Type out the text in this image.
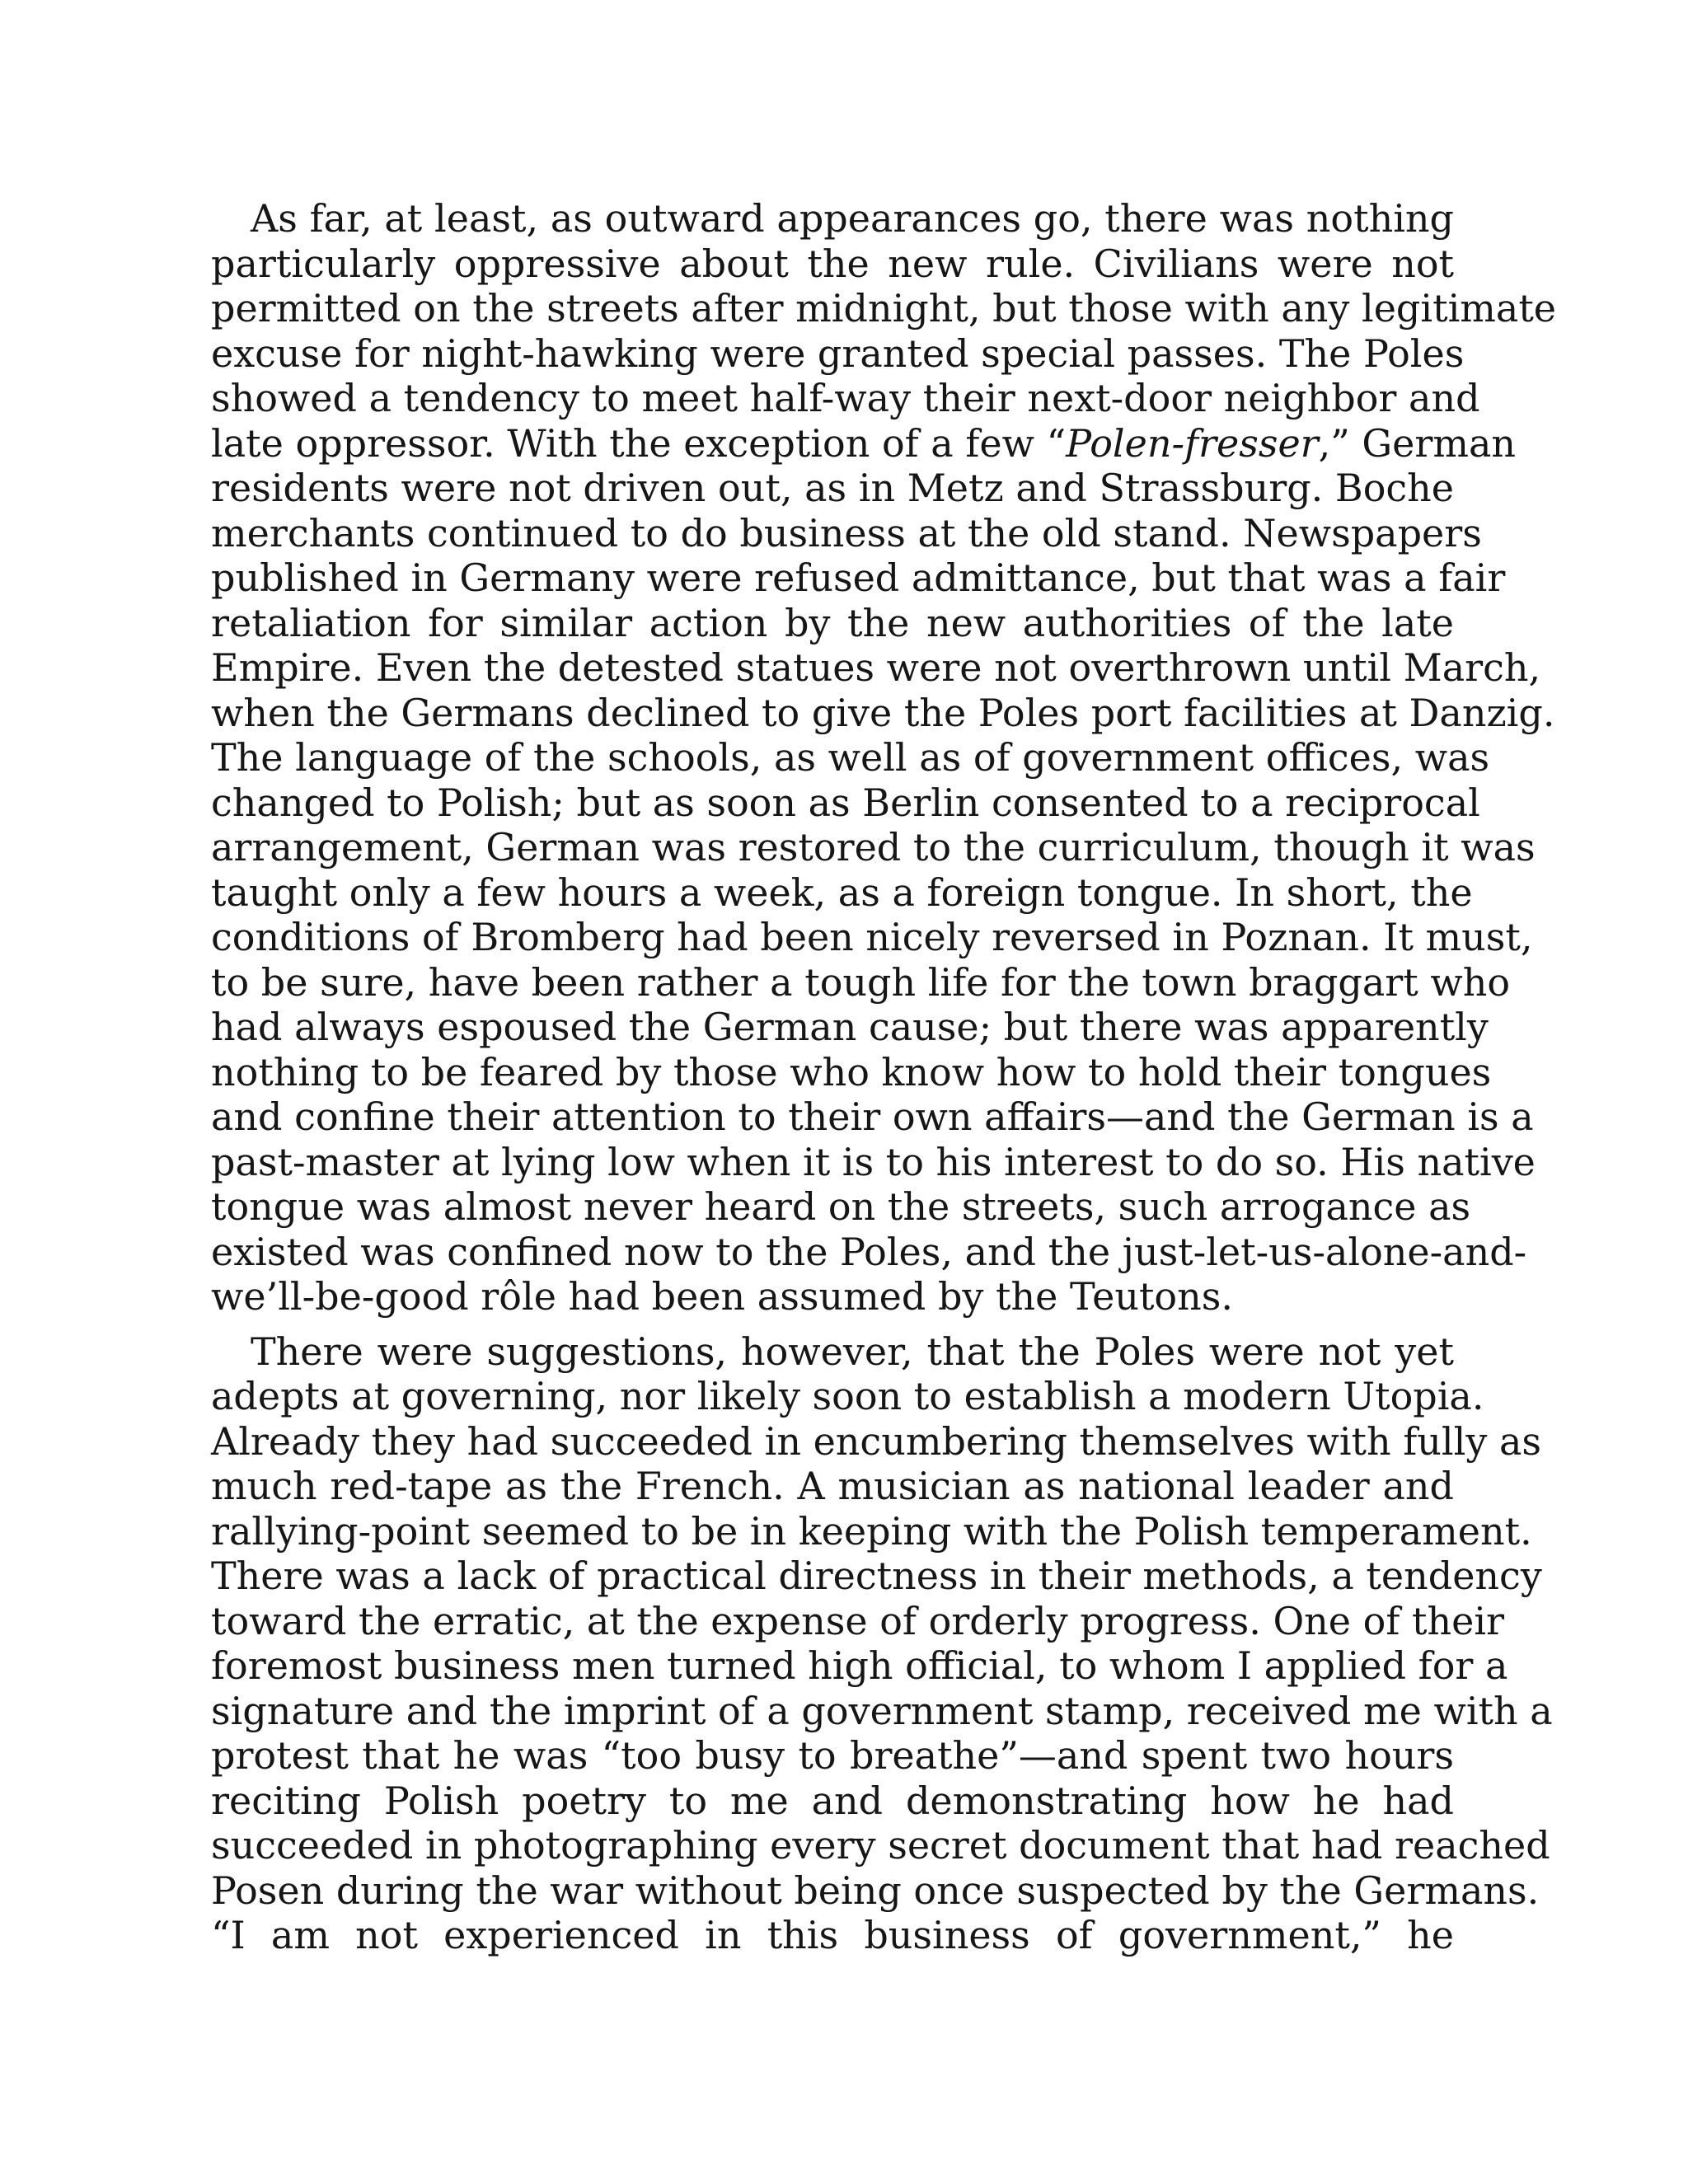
As far, at least, as outward appearances go, there was nothing
particularly oppressive about the new rule. Civilians were not
permitted on the streets after midnight, but those with any legitimate
excuse for night-hawking were granted special passes. The Poles
showed a tendency to meet half-way their next-door neighbor and
late oppressor. With the exception of a few “Polen-fresser,” German
residents were not driven out, as in Metz and Strassburg. Boche
merchants continued to do business at the old stand. Newspapers
published in Germany were refused admittance, but that was a fair
retaliation for similar action by the new authorities of the late
Empire. Even the detested statues were not overthrown until March,
when the Germans declined to give the Poles port facilities at Danzig.
The language of the schools, as well as of government offices, was
changed to Polish; but as soon as Berlin consented to a reciprocal
arrangement, German was restored to the curriculum, though it was
taught only a few hours a week, as a foreign tongue. In short, the
conditions of Bromberg had been nicely reversed in Poznan. It must,
to be sure, have been rather a tough life for the town braggart who
had always espoused the German cause; but there was apparently
nothing to be feared by those who know how to hold their tongues
and confine their attention to their own affairs—and the German is a
past-master at lying low when it is to his interest to do so. His native
tongue was almost never heard on the streets, such arrogance as
existed was confined now to the Poles, and the just-let-us-alone-and-
we’ll-be-good rôle had been assumed by the Teutons.
There were suggestions, however, that the Poles were not yet
adepts at governing, nor likely soon to establish a modern Utopia.
Already they had succeeded in encumbering themselves with fully as
much red-tape as the French. A musician as national leader and
rallying-point seemed to be in keeping with the Polish temperament.
There was a lack of practical directness in their methods, a tendency
toward the erratic, at the expense of orderly progress. One of their
foremost business men turned high official, to whom I applied for a
signature and the imprint of a government stamp, received me with a
protest that he was “too busy to breathe”—and spent two hours
reciting Polish poetry to me and demonstrating how he had
succeeded in photographing every secret document that had reached
Posen during the war without being once suspected by the Germans.
“I am not experienced in this business of government,” he
